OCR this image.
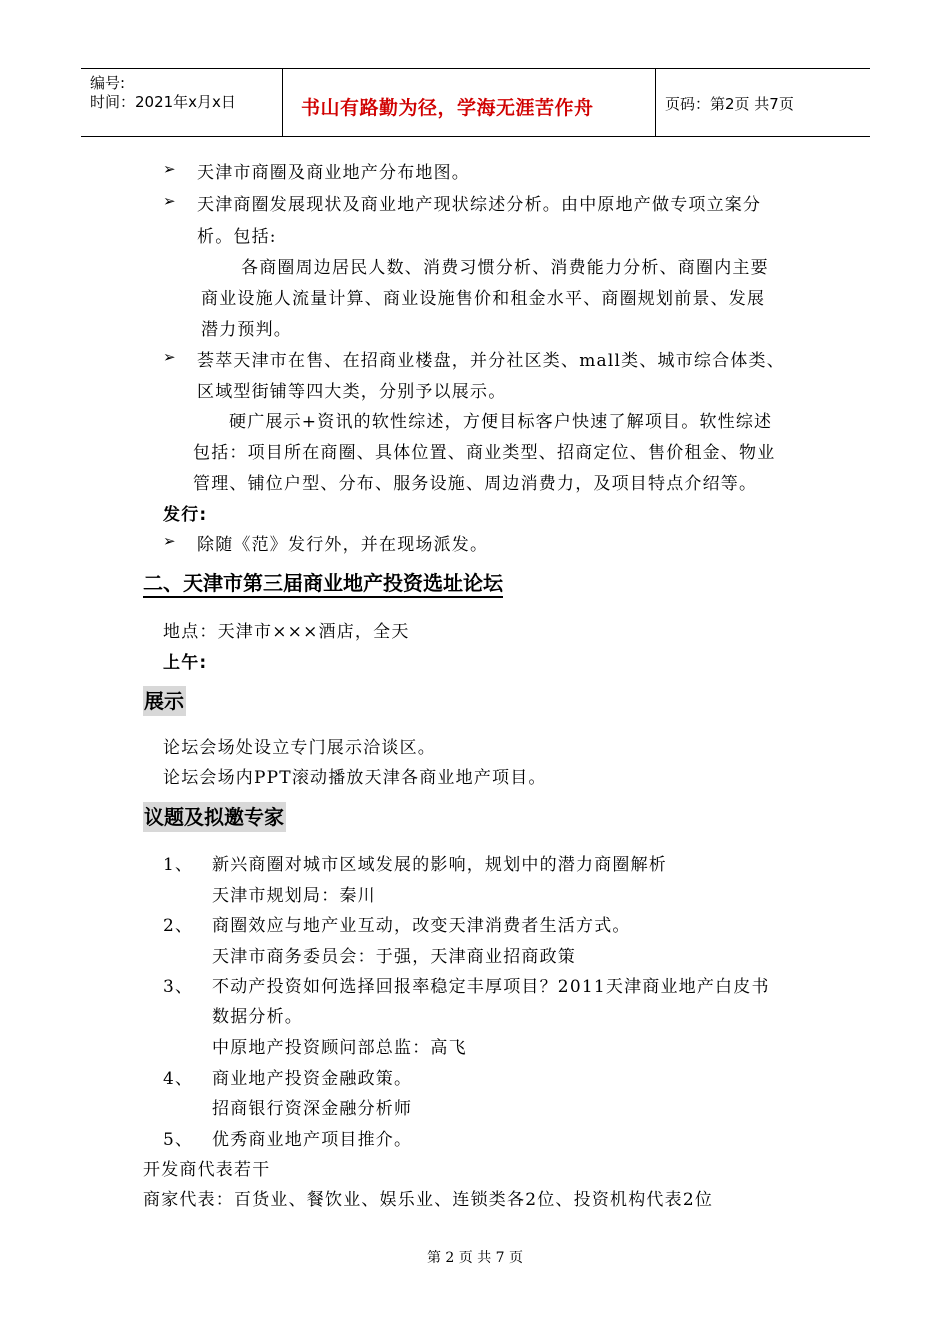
编号:
时间：2021年x月x日	书山有路勤为径，学海无涯苦作舟	页码：第2页 共7页
➢ 天津市商圈及商业地产分布地图。
➢ 天津商圈发展现状及商业地产现状综述分析。由中原地产做专项立案分
析。包括:
各商圈周边居民人数、消费习惯分析、消费能力分析、商圈内主要
商业设施人流量计算、商业设施售价和租金水平、商圈规划前景、发展
潜力预判。
➢ 荟萃天津市在售、在招商业楼盘，并分社区类、mall类、城市综合体类、
区域型街铺等四大类，分别予以展示。
硬广展示+资讯的软性综述，方便目标客户快速了解项目。软性综述
包括：项目所在商圈、具体位置、商业类型、招商定位、售价租金、物业
管理、铺位户型、分布、服务设施、周边消费力，及项目特点介绍等。
发行:
➢ 除随《范》发行外，并在现场派发。
二、天津市第三届商业地产投资选址论坛
地点：天津市×××酒店，全天
上午:
展示
论坛会场处设立专门展示洽谈区。
论坛会场内PPT滚动播放天津各商业地产项目。
议题及拟邀专家
1、 新兴商圈对城市区域发展的影响，规划中的潜力商圈解析
天津市规划局：秦川
2、 商圈效应与地产业互动，改变天津消费者生活方式。
天津市商务委员会：于强，天津商业招商政策
3、 不动产投资如何选择回报率稳定丰厚项目？2011天津商业地产白皮书
数据分析。
中原地产投资顾问部总监：高飞
4、 商业地产投资金融政策。
招商银行资深金融分析师
5、 优秀商业地产项目推介。
开发商代表若干
商家代表：百货业、餐饮业、娱乐业、连锁类各2位、投资机构代表2位
第 2 页 共 7 页
